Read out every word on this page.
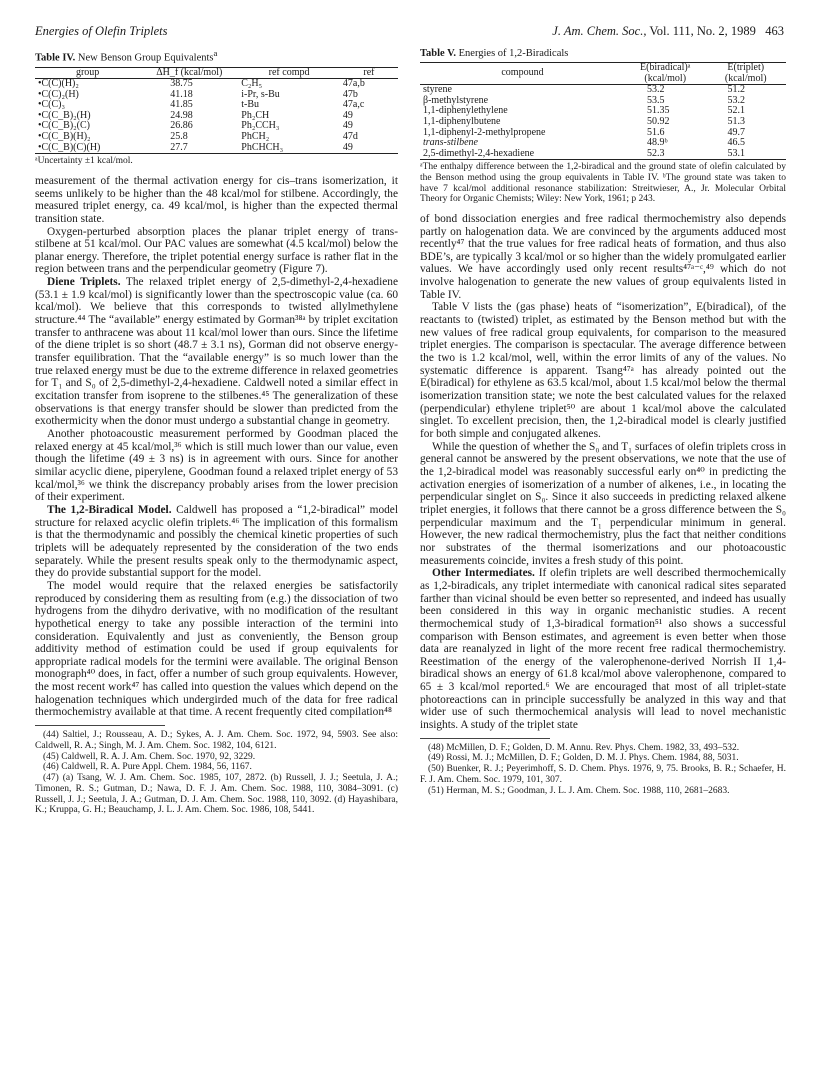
Energies of Olefin Triplets	J. Am. Chem. Soc., Vol. 111, No. 2, 1989 463
Table IV. New Benson Group Equivalents$^a$
group	ΔH_f (kcal/mol)	ref compd	ref
•C(C)(H)₂	38.75	C₂H₅	47a,b
•C(C)₂(H)	41.18	i-Pr, s-Bu	47b
•C(C)₃	41.85	t-Bu	47a,c
•C(C_B)₂(H)	24.98	Ph₂CH	49
•C(C_B)₂(C)	26.86	Ph₂CCH₃	49
•C(C_B)(H)₂	25.8	PhCH₂	47d
•C(C_B)(C)(H)	27.7	PhCHCH₃	49
ᵃUncertainty ±1 kcal/mol.

measurement of the thermal activation energy for cis–trans isomerization, it seems unlikely to be higher than the 48 kcal/mol for stilbene. Accordingly, the measured triplet energy, ca. 49 kcal/mol, is higher than the expected thermal transition state.

Oxygen-perturbed absorption places the planar triplet energy of trans-stilbene at 51 kcal/mol. Our PAC values are somewhat (4.5 kcal/mol) below the planar energy. Therefore, the triplet potential energy surface is rather flat in the region between trans and the perpendicular geometry (Figure 7).

Diene Triplets. The relaxed triplet energy of 2,5-dimethyl-2,4-hexadiene (53.1 ± 1.9 kcal/mol) is significantly lower than the spectroscopic value (ca. 60 kcal/mol). We believe that this corresponds to twisted allylmethylene structure.⁴⁴ The “available” energy estimated by Gorman³⁸ᵃ by triplet excitation transfer to anthracene was about 11 kcal/mol lower than ours. Since the lifetime of the diene triplet is so short (48.7 ± 3.1 ns), Gorman did not observe energy-transfer equilibration. That the “available energy” is so much lower than the true relaxed energy must be due to the extreme difference in relaxed geometries for T₁ and S₀ of 2,5-dimethyl-2,4-hexadiene. Caldwell noted a similar effect in excitation transfer from isoprene to the stilbenes.⁴⁵ The generalization of these observations is that energy transfer should be slower than predicted from the exothermicity when the donor must undergo a substantial change in geometry.

Another photoacoustic measurement performed by Goodman placed the relaxed energy at 45 kcal/mol,³⁶ which is still much lower than our value, even though the lifetime (49 ± 3 ns) is in agreement with ours. Since for another similar acyclic diene, piperylene, Goodman found a relaxed triplet energy of 53 kcal/mol,³⁶ we think the discrepancy probably arises from the lower precision of their experiment.

The 1,2-Biradical Model. Caldwell has proposed a “1,2-biradical” model structure for relaxed acyclic olefin triplets.⁴⁶ The implication of this formalism is that the thermodynamic and possibly the chemical kinetic properties of such triplets will be adequately represented by the consideration of the two ends separately. While the present results speak only to the thermodynamic aspect, they do provide substantial support for the model.

The model would require that the relaxed energies be satisfactorily reproduced by considering them as resulting from (e.g.) the dissociation of two hydrogens from the dihydro derivative, with no modification of the resultant hypothetical energy to take any possible interaction of the termini into consideration. Equivalently and just as conveniently, the Benson group additivity method of estimation could be used if group equivalents for appropriate radical models for the termini were available. The original Benson monograph⁴⁰ does, in fact, offer a number of such group equivalents. However, the most recent work⁴⁷ has called into question the values which depend on the halogenation techniques which undergirded much of the data for free radical thermochemistry available at that time. A recent frequently cited compilation⁴⁸

(44) Saltiel, J.; Rousseau, A. D.; Sykes, A. J. Am. Chem. Soc. 1972, 94, 5903. See also: Caldwell, R. A.; Singh, M. J. Am. Chem. Soc. 1982, 104, 6121.
(45) Caldwell, R. A. J. Am. Chem. Soc. 1970, 92, 3229.
(46) Caldwell, R. A. Pure Appl. Chem. 1984, 56, 1167.
(47) (a) Tsang, W. J. Am. Chem. Soc. 1985, 107, 2872. (b) Russell, J. J.; Seetula, J. A.; Timonen, R. S.; Gutman, D.; Nawa, D. F. J. Am. Chem. Soc. 1988, 110, 3084–3091. (c) Russell, J. J.; Seetula, J. A.; Gutman, D. J. Am. Chem. Soc. 1988, 110, 3092. (d) Hayashibara, K.; Kruppa, G. H.; Beauchamp, J. L. J. Am. Chem. Soc. 1986, 108, 5441.
Table V. Energies of 1,2-Biradicals
compound	E(biradical)ᵃ	E(triplet)
	(kcal/mol)	(kcal/mol)
styrene	53.2	51.2
β-methylstyrene	53.5	53.2
1,1-diphenylethylene	51.35	52.1
1,1-diphenylbutene	50.92	51.3
1,1-diphenyl-2-methylpropene	51.6	49.7
trans-stilbene	48.9ᵇ	46.5
2,5-dimethyl-2,4-hexadiene	52.3	53.1
ᵃThe enthalpy difference between the 1,2-biradical and the ground state of olefin calculated by the Benson method using the group equivalents in Table IV. ᵇThe ground state was taken to have 7 kcal/mol additional resonance stabilization: Streitwieser, A., Jr. Molecular Orbital Theory for Organic Chemists; Wiley: New York, 1961; p 243.

of bond dissociation energies and free radical thermochemistry also depends partly on halogenation data. We are convinced by the arguments adduced most recently⁴⁷ that the true values for free radical heats of formation, and thus also BDE’s, are typically 3 kcal/mol or so higher than the widely promulgated earlier values. We have accordingly used only recent results⁴⁷ᵃ⁻ᶜ,⁴⁹ which do not involve halogenation to generate the new values of group equivalents listed in Table IV.

Table V lists the (gas phase) heats of “isomerization”, E(biradical), of the reactants to (twisted) triplet, as estimated by the Benson method but with the new values of free radical group equivalents, for comparison to the measured triplet energies. The comparison is spectacular. The average difference between the two is 1.2 kcal/mol, well, within the error limits of any of the values. No systematic difference is apparent. Tsang⁴⁷ᵃ has already pointed out the E(biradical) for ethylene as 63.5 kcal/mol, about 1.5 kcal/mol below the thermal isomerization transition state; we note the best calculated values for the relaxed (perpendicular) ethylene triplet⁵⁰ are about 1 kcal/mol above the calculated singlet. To excellent precision, then, the 1,2-biradical model is clearly justified for both simple and conjugated alkenes.

While the question of whether the S₀ and T₁ surfaces of olefin triplets cross in general cannot be answered by the present observations, we note that the use of the 1,2-biradical model was reasonably successful early on⁴⁰ in predicting the activation energies of isomerization of a number of alkenes, i.e., in locating the perpendicular singlet on S₀. Since it also succeeds in predicting relaxed alkene triplet energies, it follows that there cannot be a gross difference between the S₀ perpendicular maximum and the T₁ perpendicular minimum in general. However, the new radical thermochemistry, plus the fact that neither conditions nor substrates of the thermal isomerizations and our photoacoustic measurements coincide, invites a fresh study of this point.

Other Intermediates. If olefin triplets are well described thermochemically as 1,2-biradicals, any triplet intermediate with canonical radical sites separated farther than vicinal should be even better so represented, and indeed has usually been considered in this way in organic mechanistic studies. A recent thermochemical study of 1,3-biradical formation⁵¹ also shows a successful comparison with Benson estimates, and agreement is even better when those data are reanalyzed in light of the more recent free radical thermochemistry. Reestimation of the energy of the valerophenone-derived Norrish II 1,4-biradical shows an energy of 61.8 kcal/mol above valerophenone, compared to 65 ± 3 kcal/mol reported.⁶ We are encouraged that most of all triplet-state photoreactions can in principle successfully be analyzed in this way and that wider use of such thermochemical analysis will lead to novel mechanistic insights. A study of the triplet state

(48) McMillen, D. F.; Golden, D. M. Annu. Rev. Phys. Chem. 1982, 33, 493–532.
(49) Rossi, M. J.; McMillen, D. F.; Golden, D. M. J. Phys. Chem. 1984, 88, 5031.
(50) Buenker, R. J.; Peyerimhoff, S. D. Chem. Phys. 1976, 9, 75. Brooks, B. R.; Schaefer, H. F. J. Am. Chem. Soc. 1979, 101, 307.
(51) Herman, M. S.; Goodman, J. L. J. Am. Chem. Soc. 1988, 110, 2681–2683.
